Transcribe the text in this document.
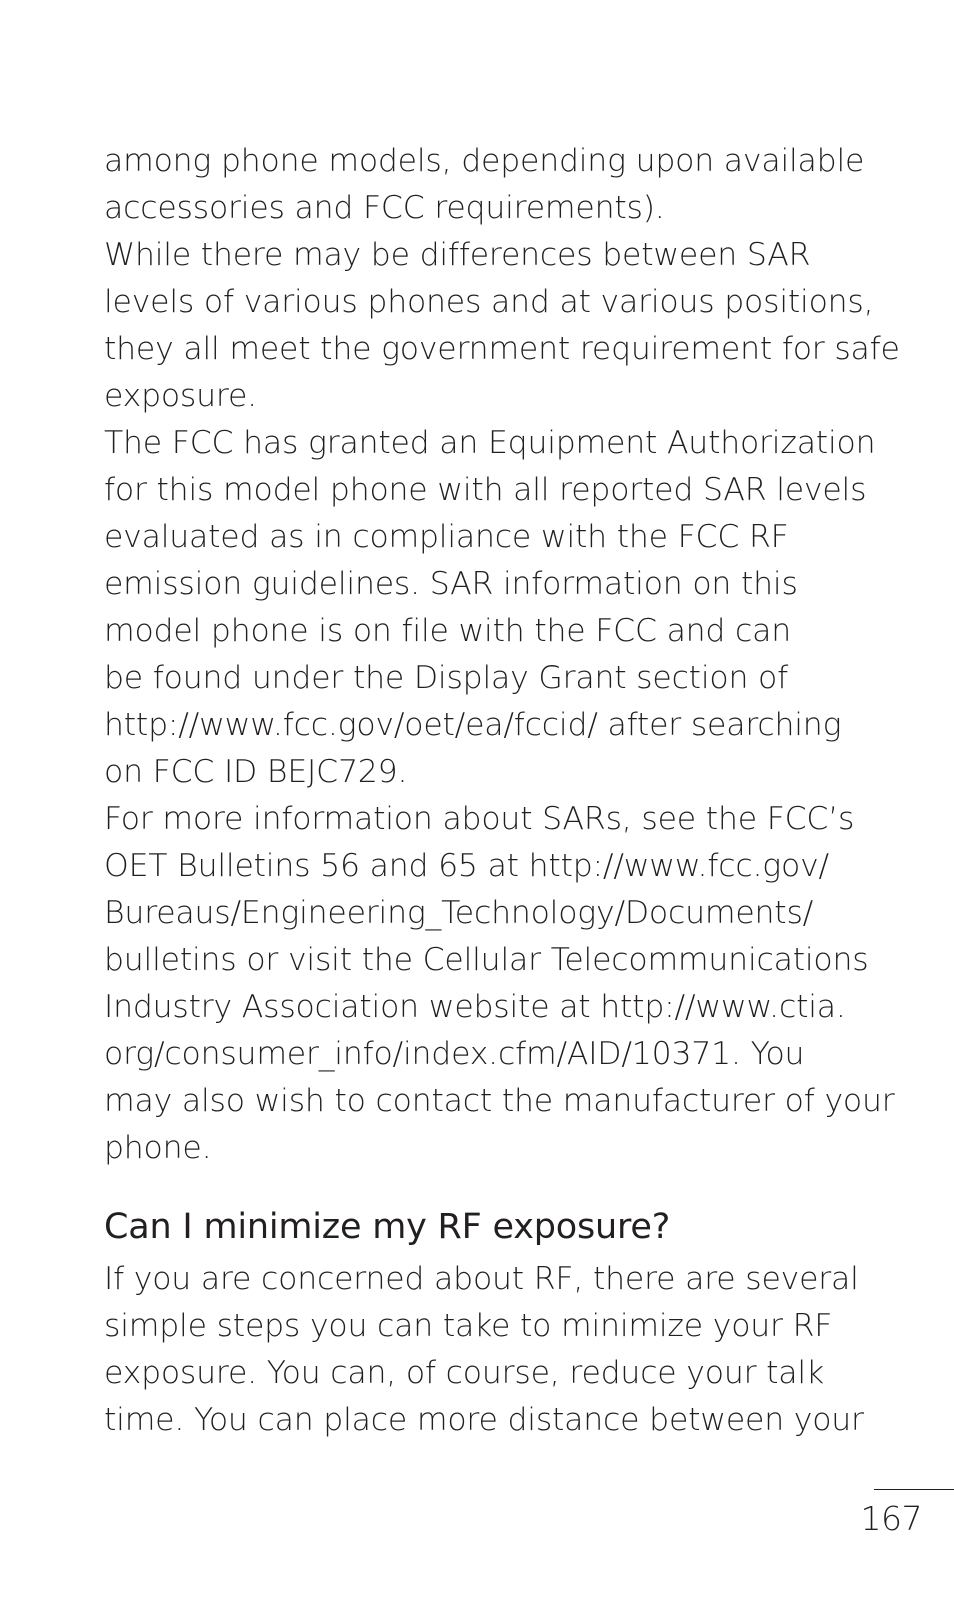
among phone models, depending upon available
accessories and FCC requirements).

While there may be differences between SAR
levels of various phones and at various positions,
they all meet the government requirement for safe
exposure.

The FCC has granted an Equipment Authorization
for this model phone with all reported SAR levels
evaluated as in compliance with the FCC RF
emission guidelines. SAR information on this
model phone is on file with the FCC and can
be found under the Display Grant section of
http://www.fcc.gov/oet/ea/fccid/ after searching
on FCC ID BEJC729.

For more information about SARs, see the FCC’s
OET Bulletins 56 and 65 at http://www.fcc.gov/
Bureaus/Engineering_Technology/Documents/
bulletins or visit the Cellular Telecommunications
Industry Association website at http://www.ctia.
org/consumer_info/index.cfm/AID/10371. You
may also wish to contact the manufacturer of your
phone.

Can I minimize my RF exposure?

If you are concerned about RF, there are several
simple steps you can take to minimize your RF
exposure. You can, of course, reduce your talk
time. You can place more distance between your

167
